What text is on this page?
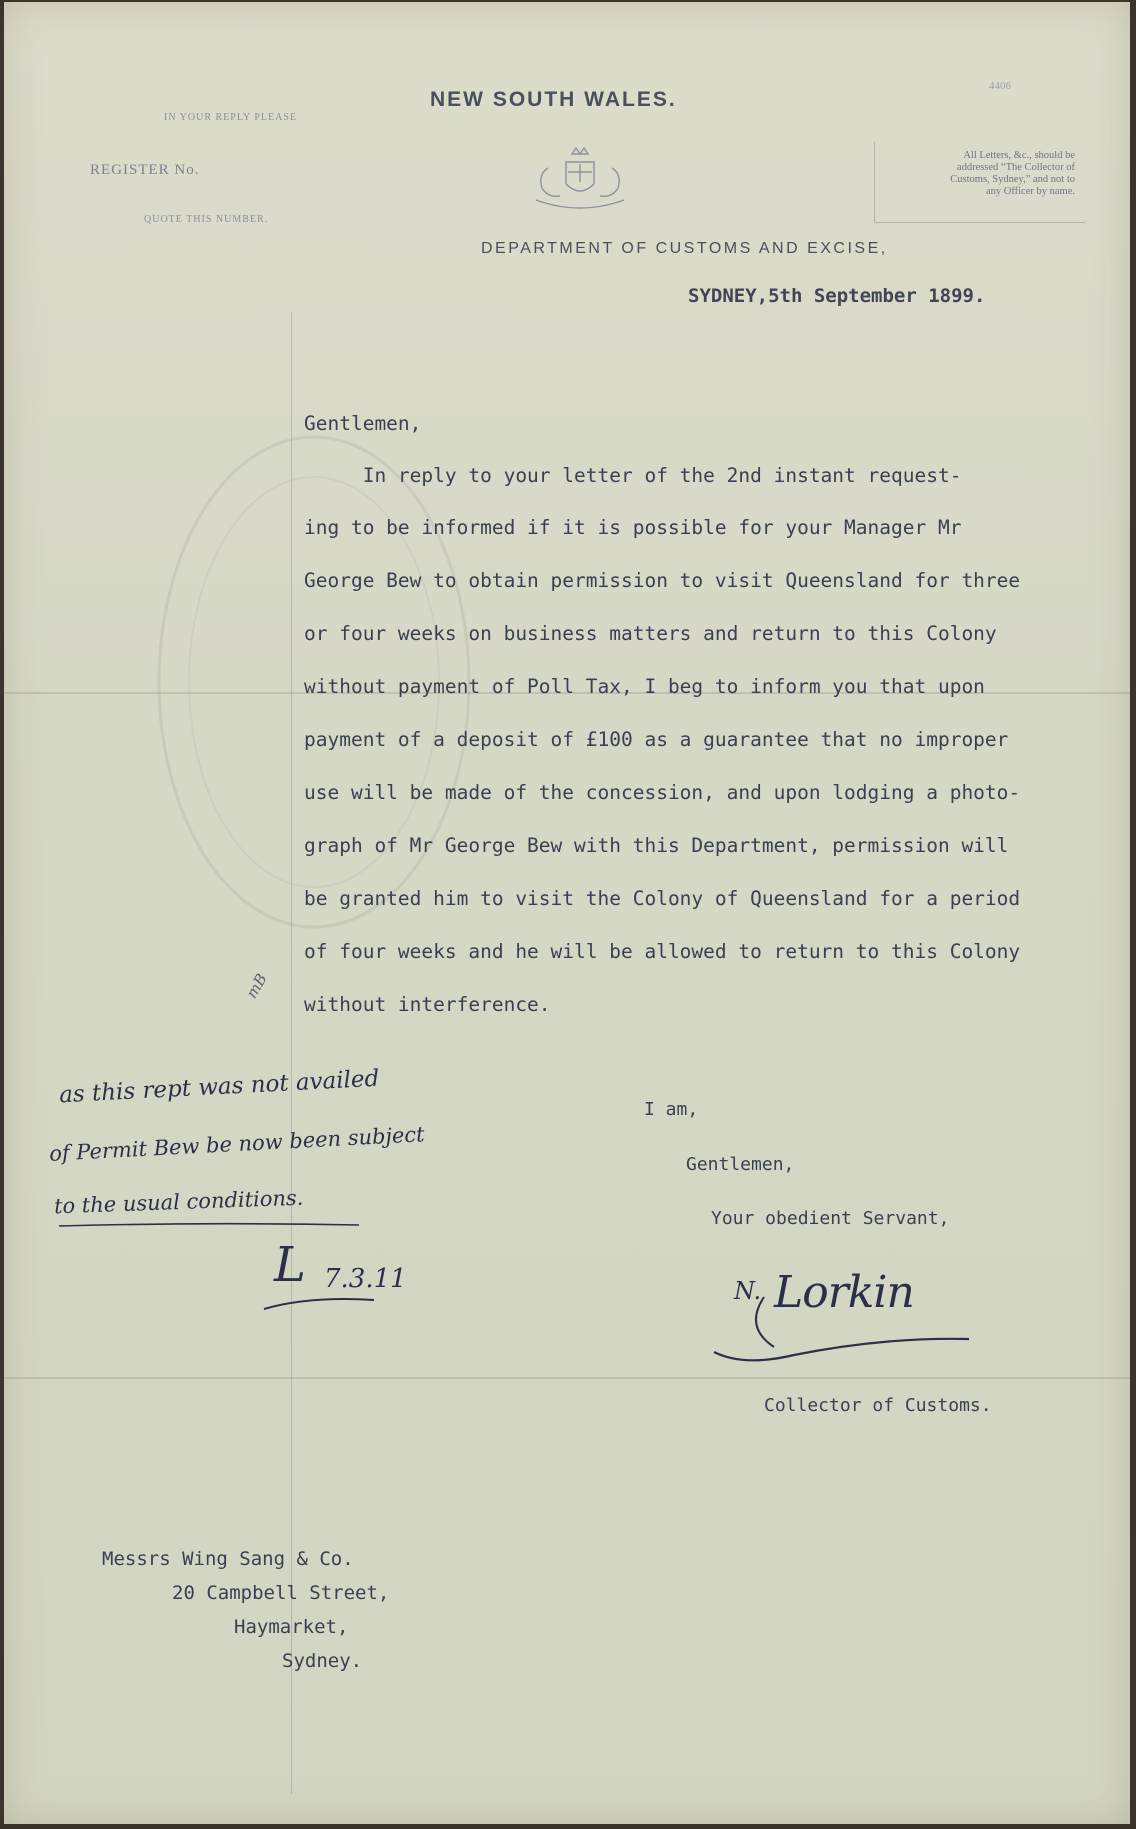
NEW SOUTH WALES.
4406
IN YOUR REPLY PLEASE
REGISTER No.
QUOTE THIS NUMBER.
All Letters, &c., should be
addressed “The Collector of
Customs, Sydney,” and not to
any Officer by name.
DEPARTMENT OF CUSTOMS AND EXCISE,
SYDNEY,5th September 1899.
Gentlemen,
In reply to your letter of the 2nd instant request-
ing to be informed if it is possible for your Manager Mr
George Bew to obtain permission to visit Queensland for three
or four weeks on business matters and return to this Colony
without payment of Poll Tax, I beg to inform you that upon
payment of a deposit of £100 as a guarantee that no improper
use will be made of the concession, and upon lodging a photo-
graph of Mr George Bew with this Department, permission will
be granted him to visit the Colony of Queensland for a period
of four weeks and he will be allowed to return to this Colony
without interference.
mB
I am,
Gentlemen,
Your obedient Servant,
N. Lorkin
Collector of Customs.
as this rept was not availed
of Permit Bew be now been subject
to the usual conditions.
L 7.3.11
Messrs Wing Sang & Co.
20 Campbell Street,
Haymarket,
Sydney.
